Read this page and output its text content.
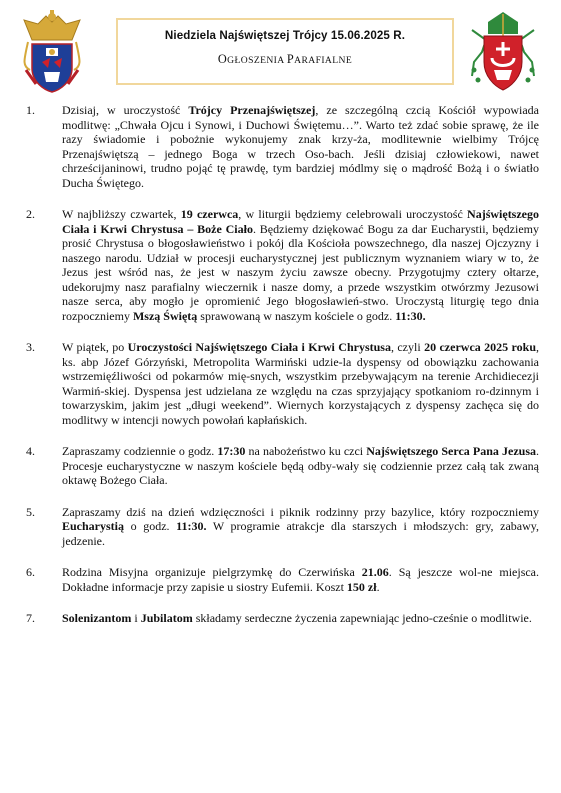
Niedziela Najświętszej Trójcy 15.06.2025 R.
OGŁOSZENIA PARAFIALNE
1. Dzisiaj, w uroczystość Trójcy Przenajświętszej, ze szczególną czcią Kościół wypowiada modlitwę: „Chwała Ojcu i Synowi, i Duchowi Świętemu…”. Warto też zdać sobie sprawę, że ile razy świadomie i pobożnie wykonujemy znak krzy-ża, modlitewnie wielbimy Trójcę Przenajświętszą – jednego Boga w trzech Oso-bach. Jeśli dzisiaj człowiekowi, nawet chrześcijaninowi, trudno pojąć tę prawdę, tym bardziej módlmy się o mądrość Bożą i o światło Ducha Świętego.

2. W najbliższy czwartek, 19 czerwca, w liturgii będziemy celebrowali uroczystość Najświętszego Ciała i Krwi Chrystusa – Boże Ciało. Będziemy dziękować Bogu za dar Eucharystii, będziemy prosić Chrystusa o błogosławieństwo i pokój dla Kościoła powszechnego, dla naszej Ojczyzny i naszego narodu. Udział w procesji eucharystycznej jest publicznym wyznaniem wiary w to, że Jezus jest wśród nas, że jest w naszym życiu zawsze obecny. Przygotujmy cztery ołtarze, udekorujmy nasz parafialny wieczernik i nasze domy, a przede wszystkim otwórzmy Jezusowi nasze serca, aby mogło je opromienić Jego błogosławień-stwo. Uroczystą liturgię tego dnia rozpoczniemy Mszą Świętą sprawowaną w naszym kościele o godz. 11:30.

3. W piątek, po Uroczystości Najświętszego Ciała i Krwi Chrystusa, czyli 20 czerwca 2025 roku, ks. abp Józef Górzyński, Metropolita Warmiński udzie-la dyspensy od obowiązku zachowania wstrzemięźliwości od pokarmów mię-snych, wszystkim przebywającym na terenie Archidiecezji Warmiń-skiej. Dyspensa jest udzielana ze względu na czas sprzyjający spotkaniom ro-dzinnym i towarzyskim, jakim jest „długi weekend”. Wiernych korzystających z dyspensy zachęca się do modlitwy w intencji nowych powołań kapłańskich.

4. Zapraszamy codziennie o godz. 17:30 na nabożeństwo ku czci Najświętszego Serca Pana Jezusa. Procesje eucharystyczne w naszym kościele będą odby-wały się codziennie przez całą tak zwaną oktawę Bożego Ciała.

5. Zapraszamy dziś na dzień wdzięczności i piknik rodzinny przy bazylice, który rozpoczniemy Eucharystią o godz. 11:30. W programie atrakcje dla starszych i młodszych: gry, zabawy, jedzenie.

6. Rodzina Misyjna organizuje pielgrzymkę do Czerwińska 21.06. Są jeszcze wol-ne miejsca. Dokładne informacje przy zapisie u siostry Eufemii. Koszt 150 zł.

7. Solenizantom i Jubilatom składamy serdeczne życzenia zapewniając jedno-cześnie o modlitwie.
